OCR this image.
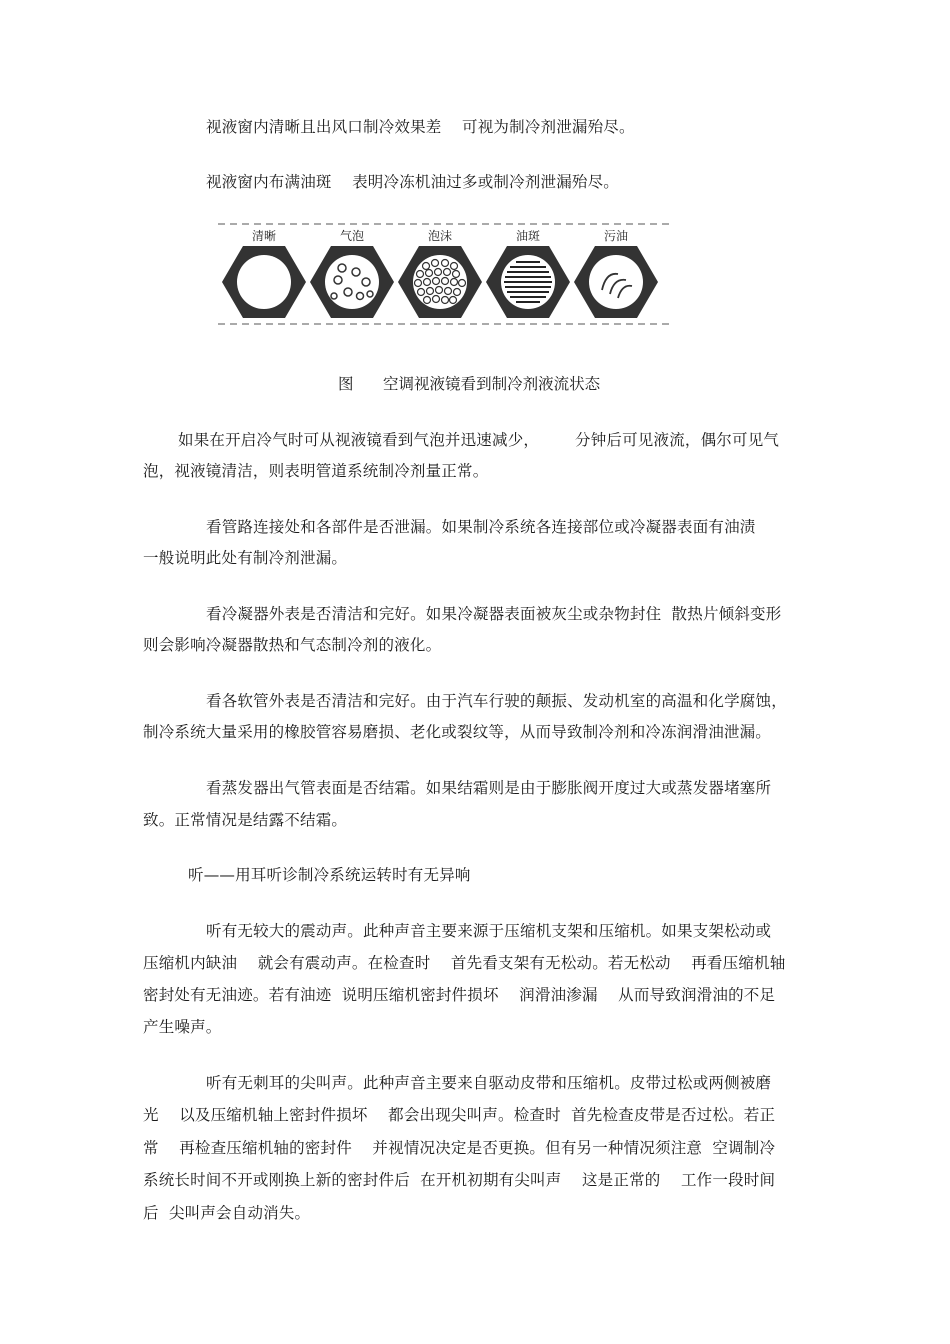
视液窗内清晰且出风口制冷效果差    可视为制冷剂泄漏殆尽。
视液窗内布满油斑    表明冷冻机油过多或制冷剂泄漏殆尽。
清晰	气泡	泡沫	油斑	污油
图      空调视液镜看到制冷剂液流状态
如果在开启冷气时可从视液镜看到气泡并迅速减少，       分钟后可见液流，偶尔可见气
泡，视液镜清洁，则表明管道系统制冷剂量正常。
看管路连接处和各部件是否泄漏。如果制冷系统各连接部位或冷凝器表面有油渍
一般说明此处有制冷剂泄漏。
看冷凝器外表是否清洁和完好。如果冷凝器表面被灰尘或杂物封住  散热片倾斜变形
则会影响冷凝器散热和气态制冷剂的液化。
看各软管外表是否清洁和完好。由于汽车行驶的颠振、发动机室的高温和化学腐蚀，
制冷系统大量采用的橡胶管容易磨损、老化或裂纹等，从而导致制冷剂和冷冻润滑油泄漏。
看蒸发器出气管表面是否结霜。如果结霜则是由于膨胀阀开度过大或蒸发器堵塞所
致。正常情况是结露不结霜。
听——用耳听诊制冷系统运转时有无异响
听有无较大的震动声。此种声音主要来源于压缩机支架和压缩机。如果支架松动或
压缩机内缺油    就会有震动声。在检查时    首先看支架有无松动。若无松动    再看压缩机轴
密封处有无油迹。若有油迹  说明压缩机密封件损坏    润滑油渗漏    从而导致润滑油的不足
产生噪声。
听有无刺耳的尖叫声。此种声音主要来自驱动皮带和压缩机。皮带过松或两侧被磨
光    以及压缩机轴上密封件损坏    都会出现尖叫声。检查时  首先检查皮带是否过松。若正
常    再检查压缩机轴的密封件    并视情况决定是否更换。但有另一种情况须注意  空调制冷
系统长时间不开或刚换上新的密封件后  在开机初期有尖叫声    这是正常的    工作一段时间
后  尖叫声会自动消失。
